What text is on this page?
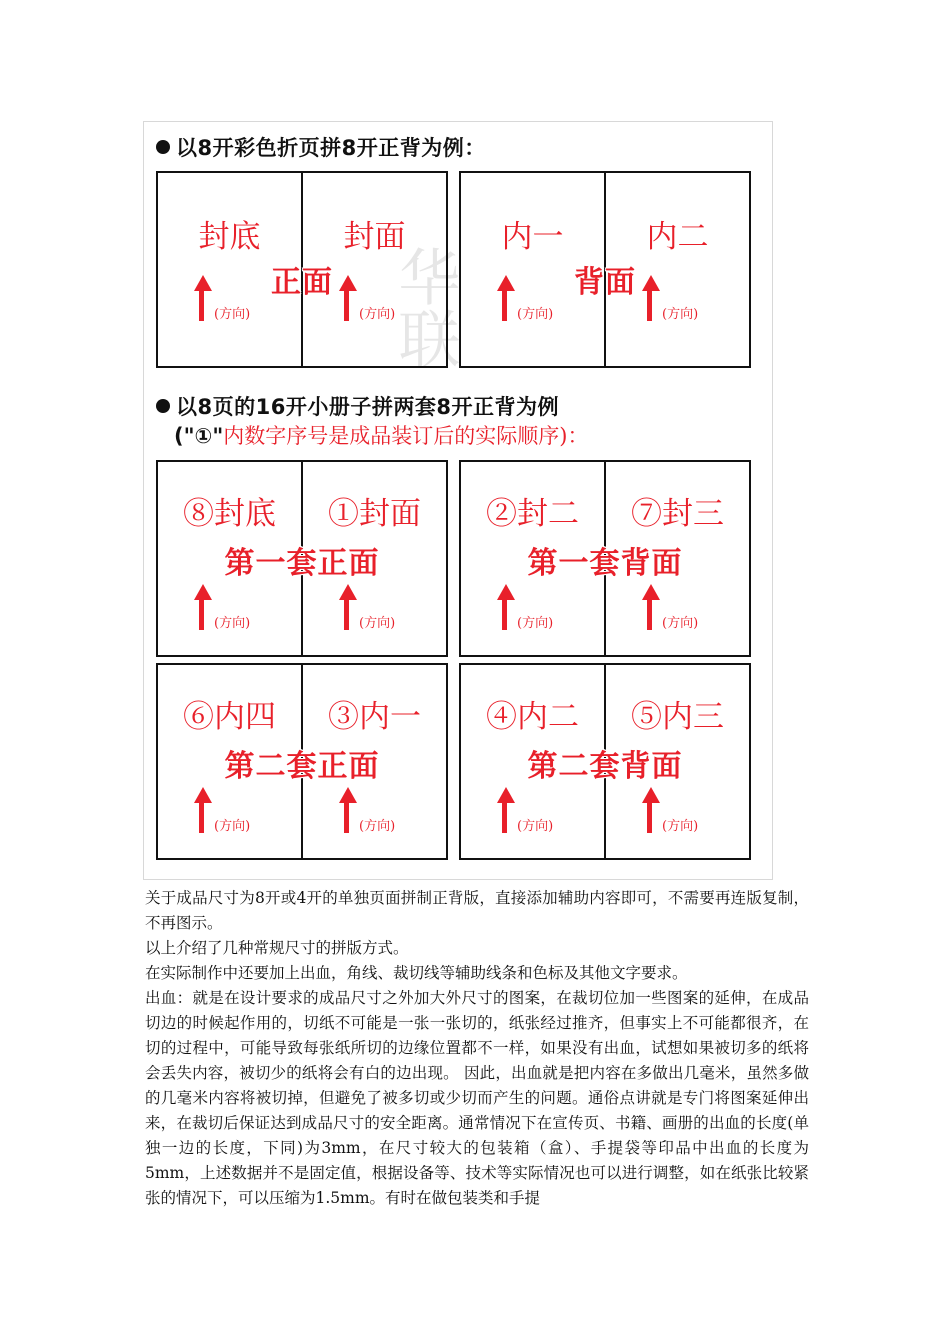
华联
以8开彩色折页拼8开正背为例：
封底
(方向)
封面
(方向)
正面
内一
(方向)
内二
(方向)
背面
以8页的16开小册子拼两套8开正背为例
("①"内数字序号是成品装订后的实际顺序)：
⑧封底
(方向)
①封面
(方向)
第一套正面
②封二
(方向)
⑦封三
(方向)
第一套背面
⑥内四
(方向)
③内一
(方向)
第二套正面
④内二
(方向)
⑤内三
(方向)
第二套背面
关于成品尺寸为8开或4开的单独页面拼制正背版，直接添加辅助内容即可，不需要再连版复制，不再图示。
以上介绍了几种常规尺寸的拼版方式。
在实际制作中还要加上出血，角线、裁切线等辅助线条和色标及其他文字要求。
出血：就是在设计要求的成品尺寸之外加大外尺寸的图案，在裁切位加一些图案的延伸，在成品切边的时候起作用的，切纸不可能是一张一张切的，纸张经过推齐，但事实上不可能都很齐，在切的过程中，可能导致每张纸所切的边缘位置都不一样，如果没有出血，试想如果被切多的纸将会丢失内容，被切少的纸将会有白的边出现。 因此，出血就是把内容在多做出几毫米，虽然多做的几毫米内容将被切掉，但避免了被多切或少切而产生的问题。通俗点讲就是专门将图案延伸出来，在裁切后保证达到成品尺寸的安全距离。通常情况下在宣传页、书籍、画册的出血的长度(单独一边的长度，下同)为3mm，在尺寸较大的包装箱（盒）、手提袋等印品中出血的长度为5mm，上述数据并不是固定值，根据设备等、技术等实际情况也可以进行调整，如在纸张比较紧张的情况下，可以压缩为1.5mm。有时在做包装类和手提
